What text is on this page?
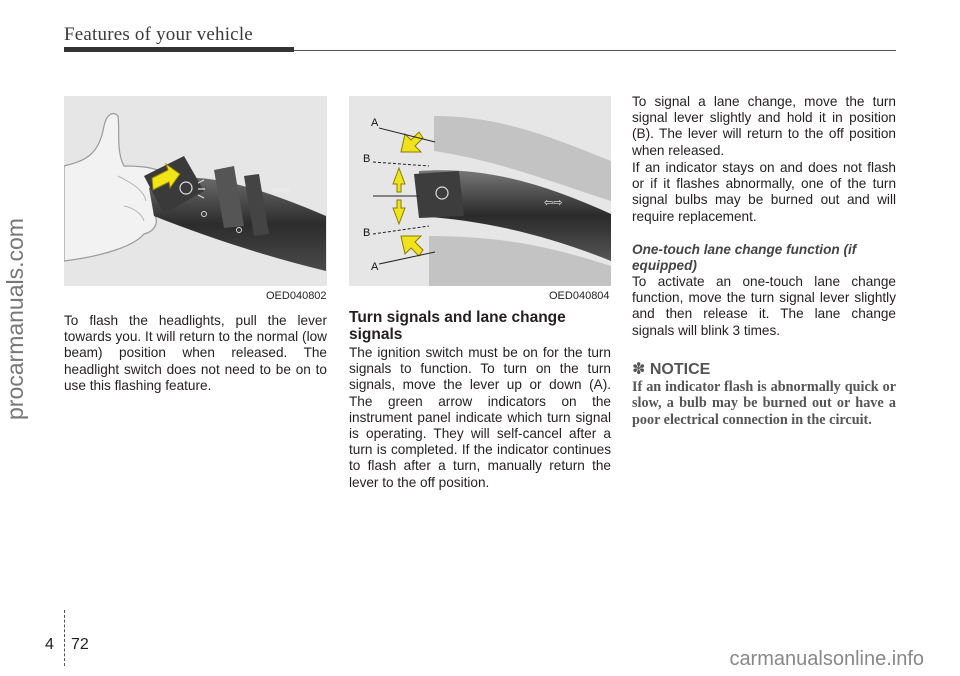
Features of your vehicle
procarmanuals.com
⇦⇨
OED040802
⇦⇨
A
B
B
A
OED040804

To flash the headlights, pull the lever towards you. It will return to the normal (low beam) position when released. The headlight switch does not need to be on to use this flashing feature.

Turn signals and lane change signals

The ignition switch must be on for the turn signals to function. To turn on the turn signals, move the lever up or down (A). The green arrow indicators on the instrument panel indicate which turn signal is operating. They will self-cancel after a turn is completed. If the indicator continues to flash after a turn, manually return the lever to the off position.

To signal a lane change, move the turn signal lever slightly and hold it in position (B). The lever will return to the off position when released.

If an indicator stays on and does not flash or if it flashes abnormally, one of the turn signal bulbs may be burned out and will require replacement.

One-touch lane change function (if equipped)

To activate an one-touch lane change function, move the turn signal lever slightly and then release it. The lane change signals will blink 3 times.

✽ NOTICE

If an indicator flash is abnormally quick or slow, a bulb may be burned out or have a poor electrical connection in the circuit.

4 72
carmanualsonline.info
